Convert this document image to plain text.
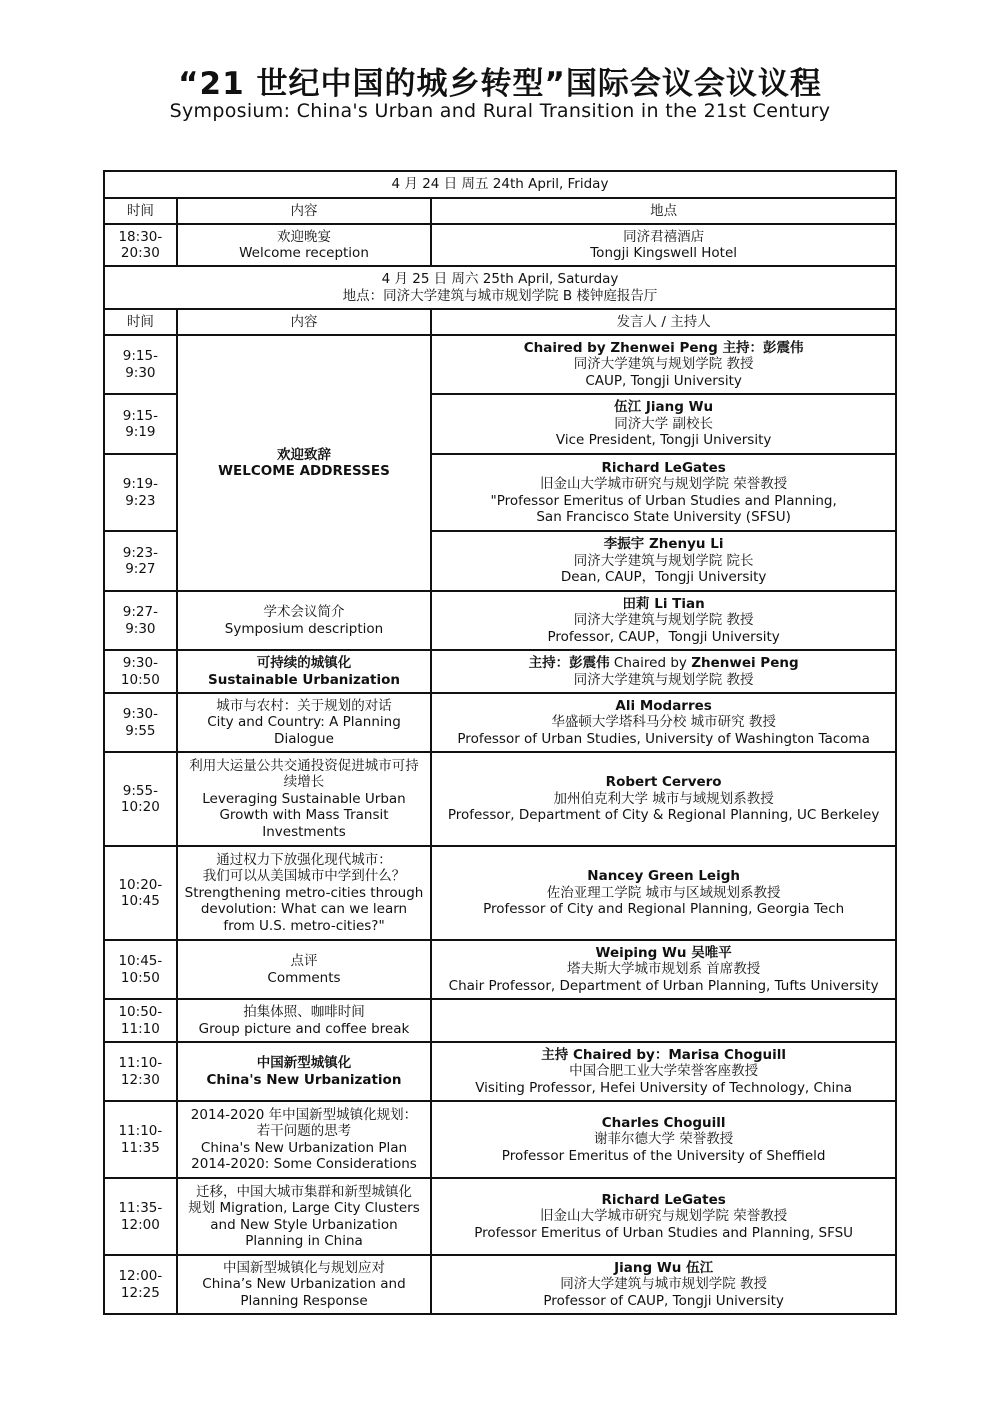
“21 世纪中国的城乡转型”国际会议会议议程
Symposium: China's Urban and Rural Transition in the 21st Century
4 月 24 日 周五 24th April, Friday		

时间	内容	地点

18:30-
20:30	欢迎晚宴
Welcome reception	同济君禧酒店
Tongji Kingswell Hotel

4 月 25 日 周六 25th April, Saturday
地点：同济大学建筑与城市规划学院 B 楼钟庭报告厅		

时间	内容	发言人 / 主持人

9:15-9:30	欢迎致辞
WELCOME ADDRESSES	Chaired by Zhenwei Peng 主持：彭震伟
同济大学建筑与规划学院 教授
CAUP, Tongji University

9:15-9:19		伍江 Jiang Wu
同济大学 副校长
Vice President, Tongji University

9:19-9:23		Richard LeGates
旧金山大学城市研究与规划学院 荣誉教授
"Professor Emeritus of Urban Studies and Planning,
San Francisco State University (SFSU)

9:23-9:27		李振宇 Zhenyu Li
同济大学建筑与规划学院 院长
Dean, CAUP，Tongji University

9:27-9:30	学术会议简介
Symposium description	田莉 Li Tian
同济大学建筑与规划学院 教授
Professor, CAUP，Tongji University

9:30-
10:50	可持续的城镇化
Sustainable Urbanization	主持：彭震伟 Chaired by Zhenwei Peng
同济大学建筑与规划学院 教授

9:30-9:55	城市与农村：关于规划的对话
City and Country: A Planning
Dialogue	Ali Modarres
华盛顿大学塔科马分校 城市研究 教授
Professor of Urban Studies, University of Washington Tacoma

9:55-
10:20	利用大运量公共交通投资促进城市可持
续增长
Leveraging Sustainable Urban
Growth with Mass Transit
Investments	Robert Cervero
加州伯克利大学 城市与域规划系教授
Professor, Department of City & Regional Planning, UC Berkeley

10:20-
10:45	通过权力下放强化现代城市：
我们可以从美国城市中学到什么？
Strengthening metro-cities through
devolution: What can we learn
from U.S. metro-cities?"	Nancey Green Leigh
佐治亚理工学院 城市与区域规划系教授
Professor of City and Regional Planning, Georgia Tech

10:45-
10:50	点评
Comments	Weiping Wu 吴唯平
塔夫斯大学城市规划系 首席教授
Chair Professor, Department of Urban Planning, Tufts University

10:50-
11:10	拍集体照、咖啡时间
Group picture and coffee break	

11:10-
12:30	中国新型城镇化
China's New Urbanization	主持 Chaired by：Marisa Choguill
中国合肥工业大学荣誉客座教授
Visiting Professor, Hefei University of Technology, China

11:10-
11:35	2014-2020 年中国新型城镇化规划：
若干问题的思考
China's New Urbanization Plan
2014-2020: Some Considerations	Charles Choguill
谢菲尔德大学 荣誉教授
Professor Emeritus of the University of Sheffield

11:35-
12:00	迁移，中国大城市集群和新型城镇化
规划 Migration, Large City Clusters
and New Style Urbanization
Planning in China	Richard LeGates
旧金山大学城市研究与规划学院 荣誉教授
Professor Emeritus of Urban Studies and Planning, SFSU

12:00-
12:25	中国新型城镇化与规划应对
China’s New Urbanization and
Planning Response	Jiang Wu 伍江
同济大学建筑与城市规划学院 教授
Professor of CAUP, Tongji University
